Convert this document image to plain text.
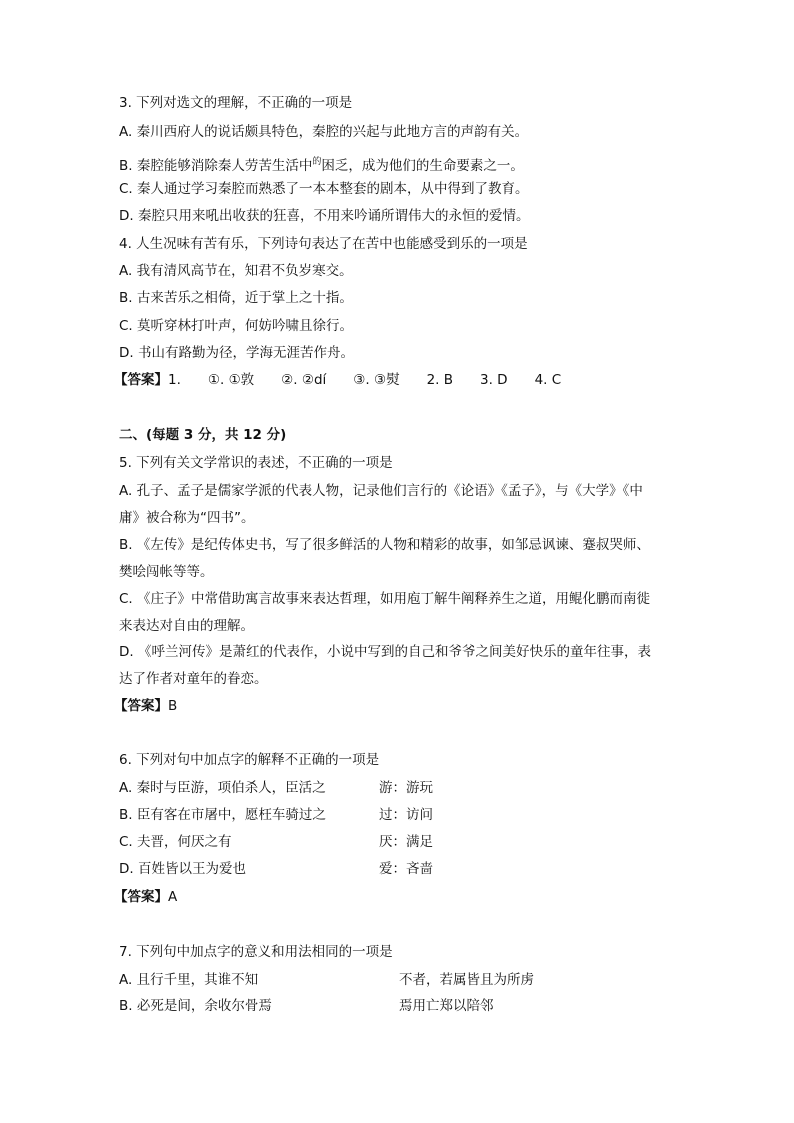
3. 下列对选文的理解，不正确的一项是
A. 秦川西府人的说话颇具特色，秦腔的兴起与此地方言的声韵有关。
B. 秦腔能够消除秦人劳苦生活中$^的$困乏，成为他们的生命要素之一。
C. 秦人通过学习秦腔而熟悉了一本本整套的剧本，从中得到了教育。
D. 秦腔只用来吼出收获的狂喜，不用来吟诵所谓伟大的永恒的爱情。
4. 人生况味有苦有乐，下列诗句表达了在苦中也能感受到乐的一项是
A. 我有清风高节在，知君不负岁寒交。
B. 古来苦乐之相倚，近于掌上之十指。
C. 莫听穿林打叶声，何妨吟啸且徐行。
D. 书山有路勤为径，学海无涯苦作舟。
【答案】1.　　①. ①敦　　②. ②dí　　③. ③熨　　2. B　　3. D　　4. C
二、(每题 3 分，共 12 分)
5. 下列有关文学常识的表述，不正确的一项是
A. 孔子、孟子是儒家学派的代表人物，记录他们言行的《论语》《孟子》，与《大学》《中
庸》被合称为“四书”。
B. 《左传》是纪传体史书，写了很多鲜活的人物和精彩的故事，如邹忌讽谏、蹇叔哭师、
樊哙闯帐等等。
C. 《庄子》中常借助寓言故事来表达哲理，如用庖丁解牛阐释养生之道，用鲲化鹏而南徙
来表达对自由的理解。
D. 《呼兰河传》是萧红的代表作，小说中写到的自己和爷爷之间美好快乐的童年往事，表
达了作者对童年的眷恋。
【答案】B
6. 下列对句中加点字的解释不正确的一项是
A. 秦时与臣游，项伯杀人，臣活之	游：游玩
B. 臣有客在市屠中，愿枉车骑过之	过：访问
C. 夫晋，何厌之有	厌：满足
D. 百姓皆以王为爱也	爱：吝啬
【答案】A
7. 下列句中加点字的意义和用法相同的一项是
A. 且行千里，其谁不知	不者，若属皆且为所虏
B. 必死是间，余收尔骨焉	焉用亡郑以陪邻
